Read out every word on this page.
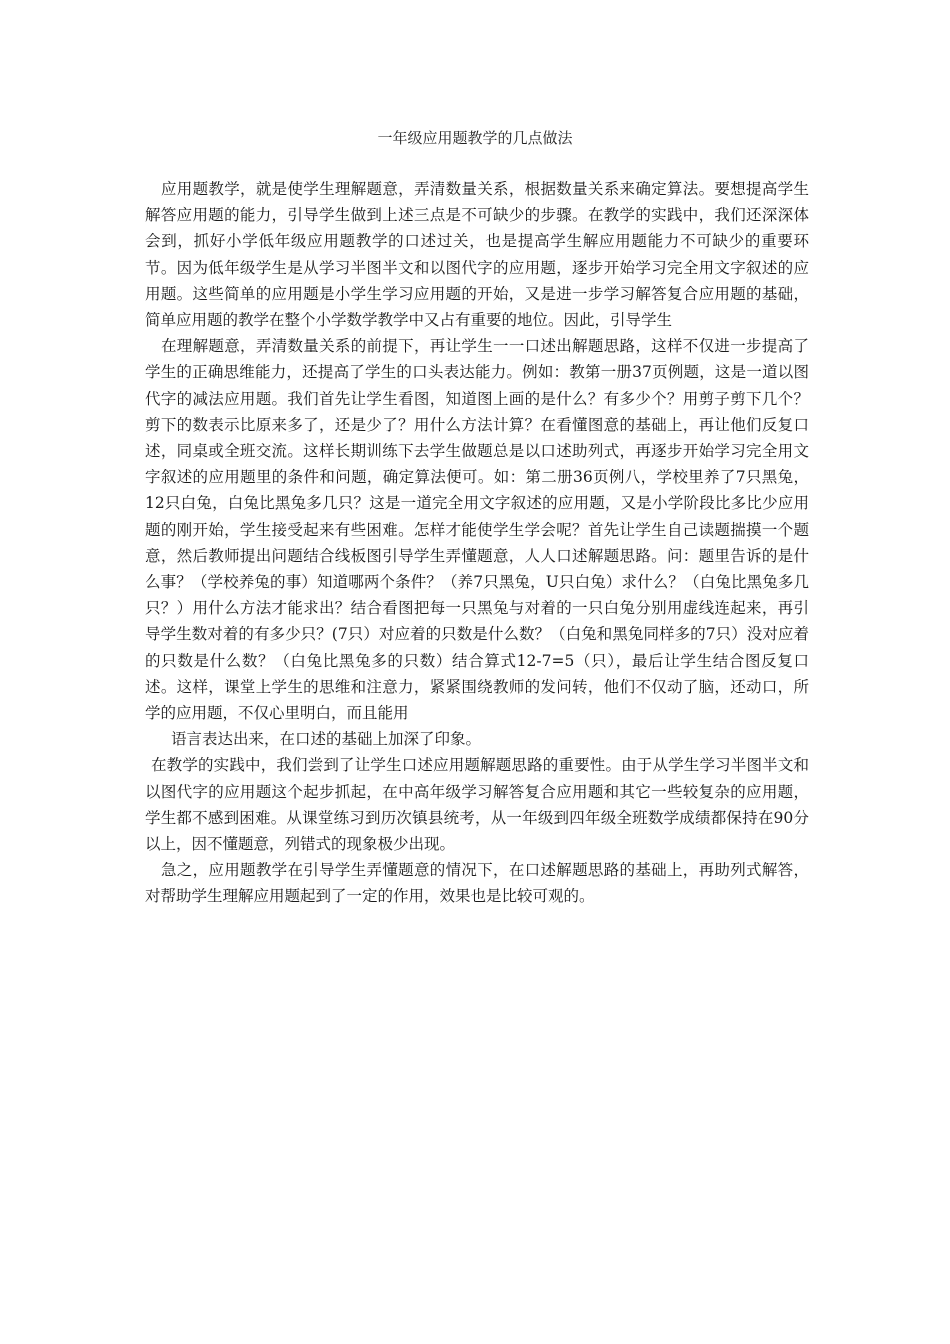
一年级应用题教学的几点做法

应用题教学，就是使学生理解题意，弄清数量关系，根据数量关系来确定算法。要想提高学生解答应用题的能力，引导学生做到上述三点是不可缺少的步骤。在教学的实践中，我们还深深体会到，抓好小学低年级应用题教学的口述过关，也是提高学生解应用题能力不可缺少的重要环节。因为低年级学生是从学习半图半文和以图代字的应用题，逐步开始学习完全用文字叙述的应用题。这些简单的应用题是小学生学习应用题的开始，又是进一步学习解答复合应用题的基础，简单应用题的教学在整个小学数学教学中又占有重要的地位。因此，引导学生

在理解题意，弄清数量关系的前提下，再让学生一一口述出解题思路，这样不仅进一步提高了学生的正确思维能力，还提高了学生的口头表达能力。例如：教第一册37页例题，这是一道以图代字的减法应用题。我们首先让学生看图，知道图上画的是什么？有多少个？用剪子剪下几个？剪下的数表示比原来多了，还是少了？用什么方法计算？在看懂图意的基础上，再让他们反复口述，同桌或全班交流。这样长期训练下去学生做题总是以口述助列式，再逐步开始学习完全用文字叙述的应用题里的条件和问题，确定算法便可。如：第二册36页例八，学校里养了7只黑兔，12只白兔，白兔比黑兔多几只？这是一道完全用文字叙述的应用题，又是小学阶段比多比少应用题的刚开始，学生接受起来有些困难。怎样才能使学生学会呢？首先让学生自己读题揣摸一个题意，然后教师提出问题结合线板图引导学生弄懂题意，人人口述解题思路。问：题里告诉的是什么事？（学校养兔的事）知道哪两个条件？（养7只黑兔，U只白兔）求什么？（白兔比黑兔多几只？）用什么方法才能求出？结合看图把每一只黑兔与对着的一只白兔分别用虚线连起来，再引导学生数对着的有多少只？(7只）对应着的只数是什么数？（白兔和黑兔同样多的7只）没对应着的只数是什么数？（白兔比黑兔多的只数）结合算式12-7=5（只），最后让学生结合图反复口述。这样，课堂上学生的思维和注意力，紧紧围绕教师的发问转，他们不仅动了脑，还动口，所学的应用题，不仅心里明白，而且能用

语言表达出来，在口述的基础上加深了印象。

在教学的实践中，我们尝到了让学生口述应用题解题思路的重要性。由于从学生学习半图半文和以图代字的应用题这个起步抓起，在中高年级学习解答复合应用题和其它一些较复杂的应用题，学生都不感到困难。从课堂练习到历次镇县统考，从一年级到四年级全班数学成绩都保持在90分以上，因不懂题意，列错式的现象极少出现。

急之，应用题教学在引导学生弄懂题意的情况下，在口述解题思路的基础上，再助列式解答，对帮助学生理解应用题起到了一定的作用，效果也是比较可观的。
